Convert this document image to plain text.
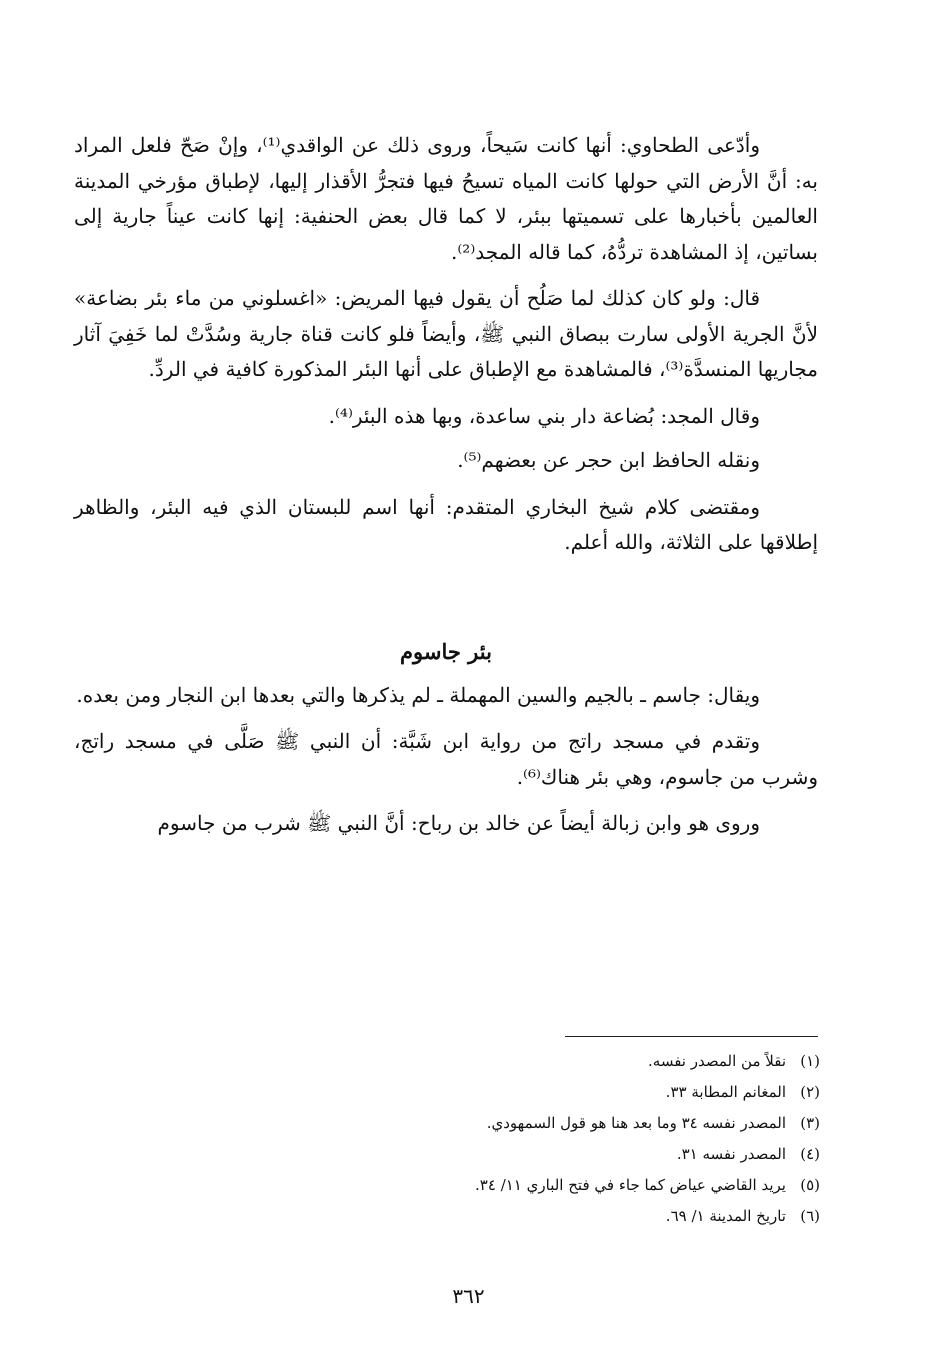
وأدّعى الطحاوي: أنها كانت سَيحاً، وروى ذلك عن الواقدي⁽¹⁾، وإنْ صَحّ فلعل المراد به: أنَّ الأرض التي حولها كانت المياه تسيحُ فيها فتجرُّ الأقذار إليها، لإطباق مؤرخي المدينة العالمين بأخبارها على تسميتها ببئر، لا كما قال بعض الحنفية: إنها كانت عيناً جارية إلى بساتين، إذ المشاهدة تردُّهُ، كما قاله المجد⁽²⁾.

قال: ولو كان كذلك لما صَلُح أن يقول فيها المريض: «اغسلوني من ماء بئر بضاعة» لأنَّ الجرية الأولى سارت ببصاق النبي ﷺ، وأيضاً فلو كانت قناة جارية وسُدَّتْ لما خَفِيَ آثار مجاريها المنسدَّة⁽³⁾، فالمشاهدة مع الإطباق على أنها البئر المذكورة كافية في الردِّ.

وقال المجد: بُضاعة دار بني ساعدة، وبها هذه البئر⁽⁴⁾.

ونقله الحافظ ابن حجر عن بعضهم⁽⁵⁾.

ومقتضى كلام شيخ البخاري المتقدم: أنها اسم للبستان الذي فيه البئر، والظاهر إطلاقها على الثلاثة، والله أعلم.

بئر جاسوم

ويقال: جاسم ـ بالجيم والسين المهملة ـ لم يذكرها والتي بعدها ابن النجار ومن بعده.

وتقدم في مسجد راتج من رواية ابن شَبَّة: أن النبي ﷺ صَلَّى في مسجد راتج، وشرب من جاسوم، وهي بئر هناك⁽⁶⁾.

وروى هو وابن زبالة أيضاً عن خالد بن رباح: أنَّ النبي ﷺ شرب من جاسوم

(١)نقلاً من المصدر نفسه.
(٢)المغانم المطابة ٣٣.
(٣)المصدر نفسه ٣٤ وما بعد هنا هو قول السمهودي.
(٤)المصدر نفسه ٣١.
(٥)يريد القاضي عياض كما جاء في فتح الباري ١١/ ٣٤.
(٦)تاريخ المدينة ١/ ٦٩.
٣٦٢
